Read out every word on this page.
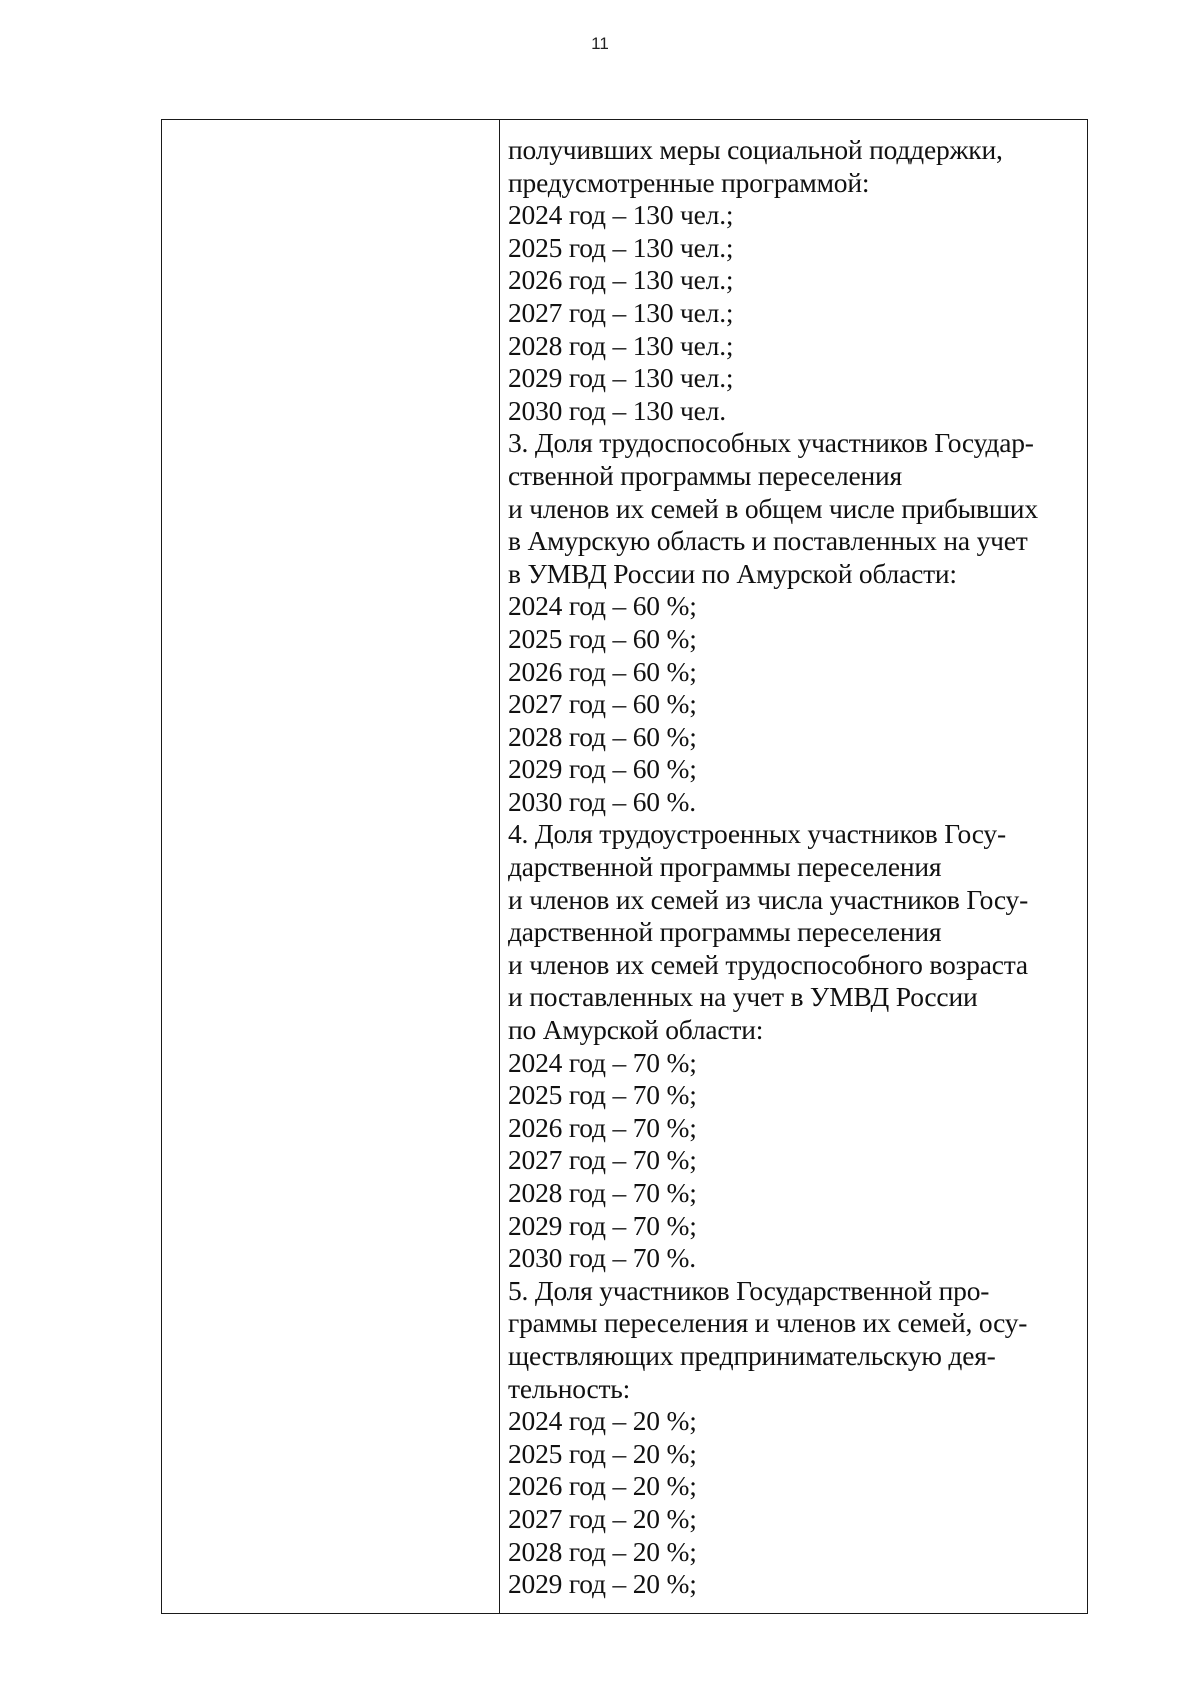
11

получивших меры социальной поддержки,
предусмотренные программой:
2024 год – 130 чел.;
2025 год – 130 чел.;
2026 год – 130 чел.;
2027 год – 130 чел.;
2028 год – 130 чел.;
2029 год – 130 чел.;
2030 год – 130 чел.
3. Доля трудоспособных участников Государ-
ственной программы переселения
и членов их семей в общем числе прибывших
в Амурскую область и поставленных на учет
в УМВД России по Амурской области:
2024 год – 60 %;
2025 год – 60 %;
2026 год – 60 %;
2027 год – 60 %;
2028 год – 60 %;
2029 год – 60 %;
2030 год – 60 %.
4. Доля трудоустроенных участников Госу-
дарственной программы переселения
и членов их семей из числа участников Госу-
дарственной программы переселения
и членов их семей трудоспособного возраста
и поставленных на учет в УМВД России
по Амурской области:
2024 год – 70 %;
2025 год – 70 %;
2026 год – 70 %;
2027 год – 70 %;
2028 год – 70 %;
2029 год – 70 %;
2030 год – 70 %.
5. Доля участников Государственной про-
граммы переселения и членов их семей, осу-
ществляющих предпринимательскую дея-
тельность:
2024 год – 20 %;
2025 год – 20 %;
2026 год – 20 %;
2027 год – 20 %;
2028 год – 20 %;
2029 год – 20 %;
